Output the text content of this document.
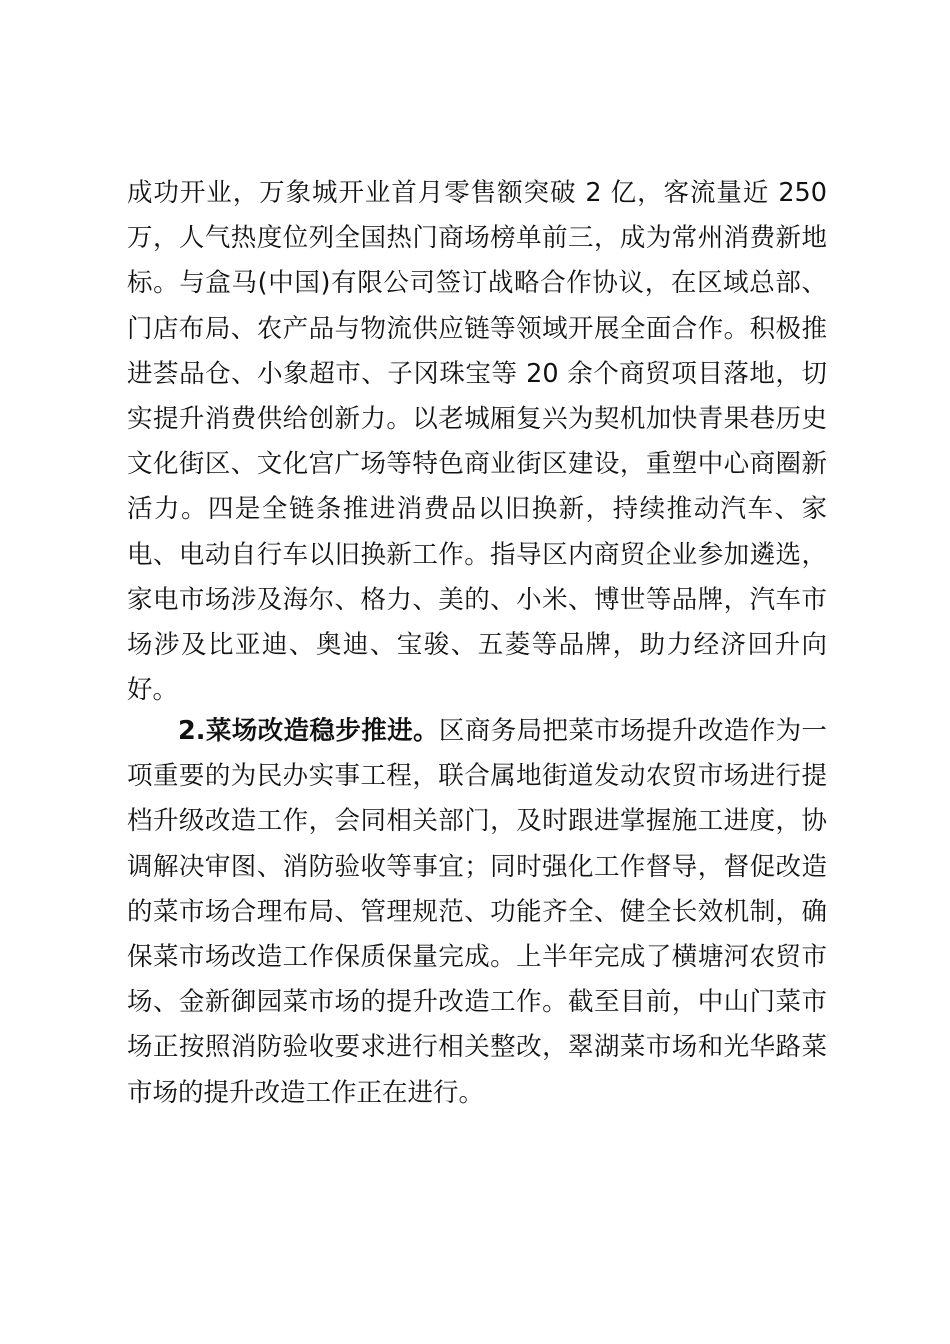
成功开业，万象城开业首月零售额突破 2 亿，客流量近 250
万，人气热度位列全国热门商场榜单前三，成为常州消费新地
标。与盒马(中国)有限公司签订战略合作协议，在区域总部、
门店布局、农产品与物流供应链等领域开展全面合作。积极推
进荟品仓、小象超市、子冈珠宝等 20 余个商贸项目落地，切
实提升消费供给创新力。以老城厢复兴为契机加快青果巷历史
文化街区、文化宫广场等特色商业街区建设，重塑中心商圈新
活力。四是全链条推进消费品以旧换新，持续推动汽车、家
电、电动自行车以旧换新工作。指导区内商贸企业参加遴选，
家电市场涉及海尔、格力、美的、小米、博世等品牌，汽车市
场涉及比亚迪、奥迪、宝骏、五菱等品牌，助力经济回升向
好。
2.菜场改造稳步推进。区商务局把菜市场提升改造作为一
项重要的为民办实事工程，联合属地街道发动农贸市场进行提
档升级改造工作，会同相关部门，及时跟进掌握施工进度，协
调解决审图、消防验收等事宜；同时强化工作督导，督促改造
的菜市场合理布局、管理规范、功能齐全、健全长效机制，确
保菜市场改造工作保质保量完成。上半年完成了横塘河农贸市
场、金新御园菜市场的提升改造工作。截至目前，中山门菜市
场正按照消防验收要求进行相关整改，翠湖菜市场和光华路菜
市场的提升改造工作正在进行。
